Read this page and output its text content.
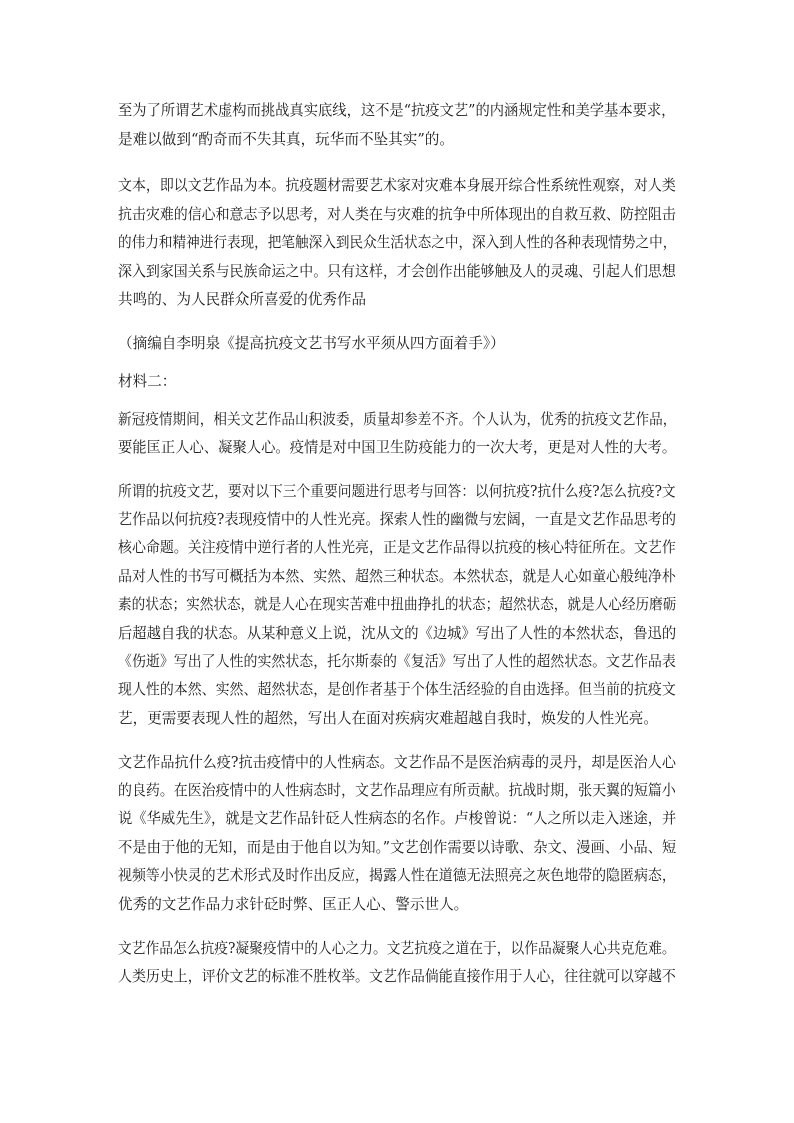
至为了所谓艺术虚构而挑战真实底线，这不是“抗疫文艺”的内涵规定性和美学基本要求，
是难以做到“酌奇而不失其真，玩华而不坠其实”的。
文本，即以文艺作品为本。抗疫题材需要艺术家对灾难本身展开综合性系统性观察，对人类
抗击灾难的信心和意志予以思考，对人类在与灾难的抗争中所体现出的自救互救、防控阻击
的伟力和精神进行表现，把笔触深入到民众生活状态之中，深入到人性的各种表现情势之中，
深入到家国关系与民族命运之中。只有这样，才会创作出能够触及人的灵魂、引起人们思想
共鸣的、为人民群众所喜爱的优秀作品
（摘编自李明泉《提高抗疫文艺书写水平须从四方面着手》）
材料二：
新冠疫情期间，相关文艺作品山积波委，质量却参差不齐。个人认为，优秀的抗疫文艺作品，
要能匡正人心、凝聚人心。疫情是对中国卫生防疫能力的一次大考，更是对人性的大考。
所谓的抗疫文艺，要对以下三个重要问题进行思考与回答：以何抗疫?抗什么疫?怎么抗疫?文
艺作品以何抗疫?表现疫情中的人性光亮。探索人性的幽微与宏阔，一直是文艺作品思考的
核心命题。关注疫情中逆行者的人性光亮，正是文艺作品得以抗疫的核心特征所在。文艺作
品对人性的书写可概括为本然、实然、超然三种状态。本然状态，就是人心如童心般纯净朴
素的状态；实然状态，就是人心在现实苦难中扭曲挣扎的状态；超然状态，就是人心经历磨砺
后超越自我的状态。从某种意义上说，沈从文的《边城》写出了人性的本然状态，鲁迅的
《伤逝》写出了人性的实然状态，托尔斯泰的《复活》写出了人性的超然状态。文艺作品表
现人性的本然、实然、超然状态，是创作者基于个体生活经验的自由选择。但当前的抗疫文
艺，更需要表现人性的超然，写出人在面对疾病灾难超越自我时，焕发的人性光亮。
文艺作品抗什么疫?抗击疫情中的人性病态。文艺作品不是医治病毒的灵丹，却是医治人心
的良药。在医治疫情中的人性病态时，文艺作品理应有所贡献。抗战时期，张天翼的短篇小
说《华威先生》，就是文艺作品针砭人性病态的名作。卢梭曾说：“人之所以走入迷途，并
不是由于他的无知，而是由于他自以为知。”文艺创作需要以诗歌、杂文、漫画、小品、短
视频等小快灵的艺术形式及时作出反应，揭露人性在道德无法照亮之灰色地带的隐匿病态，
优秀的文艺作品力求针砭时弊、匡正人心、警示世人。
文艺作品怎么抗疫?凝聚疫情中的人心之力。文艺抗疫之道在于，以作品凝聚人心共克危难。
人类历史上，评价文艺的标准不胜枚举。文艺作品倘能直接作用于人心，往往就可以穿越不
